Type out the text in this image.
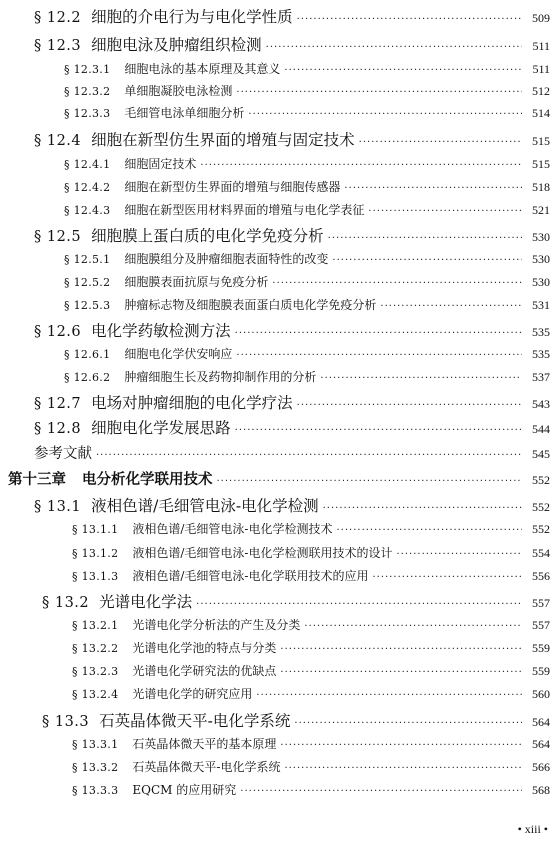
§ 12.2 细胞的介电行为与电化学性质 ·····	509
§ 12.3 细胞电泳及肿瘤组织检测 ·····	511
§ 12.3.1 细胞电泳的基本原理及其意义 ·····	511
§ 12.3.2 单细胞凝胶电泳检测 ·····	512
§ 12.3.3 毛细管电泳单细胞分析 ·····	514
§ 12.4 细胞在新型仿生界面的增殖与固定技术 ·····	515
§ 12.4.1 细胞固定技术 ·····	515
§ 12.4.2 细胞在新型仿生界面的增殖与细胞传感器 ·····	518
§ 12.4.3 细胞在新型医用材料界面的增殖与电化学表征 ·····	521
§ 12.5 细胞膜上蛋白质的电化学免疫分析 ·····	530
§ 12.5.1 细胞膜组分及肿瘤细胞表面特性的改变 ·····	530
§ 12.5.2 细胞膜表面抗原与免疫分析 ·····	530
§ 12.5.3 肿瘤标志物及细胞膜表面蛋白质电化学免疫分析 ·····	531
§ 12.6 电化学药敏检测方法 ·····	535
§ 12.6.1 细胞电化学伏安响应 ·····	535
§ 12.6.2 肿瘤细胞生长及药物抑制作用的分析 ·····	537
§ 12.7 电场对肿瘤细胞的电化学疗法 ·····	543
§ 12.8 细胞电化学发展思路 ·····	544
参考文献 ·····	545
第十三章 电分析化学联用技术 ·····	552
§ 13.1 液相色谱/毛细管电泳-电化学检测 ·····	552
§ 13.1.1 液相色谱/毛细管电泳-电化学检测技术 ·····	552
§ 13.1.2 液相色谱/毛细管电泳-电化学检测联用技术的设计 ·····	554
§ 13.1.3 液相色谱/毛细管电泳-电化学联用技术的应用 ·····	556
§ 13.2 光谱电化学法 ·····	557
§ 13.2.1 光谱电化学分析法的产生及分类 ·····	557
§ 13.2.2 光谱电化学池的特点与分类 ·····	559
§ 13.2.3 光谱电化学研究法的优缺点 ·····	559
§ 13.2.4 光谱电化学的研究应用 ·····	560
§ 13.3 石英晶体微天平-电化学系统 ·····	564
§ 13.3.1 石英晶体微天平的基本原理 ·····	564
§ 13.3.2 石英晶体微天平-电化学系统 ·····	566
§ 13.3.3 EQCM 的应用研究 ·····	568
• xiii •
